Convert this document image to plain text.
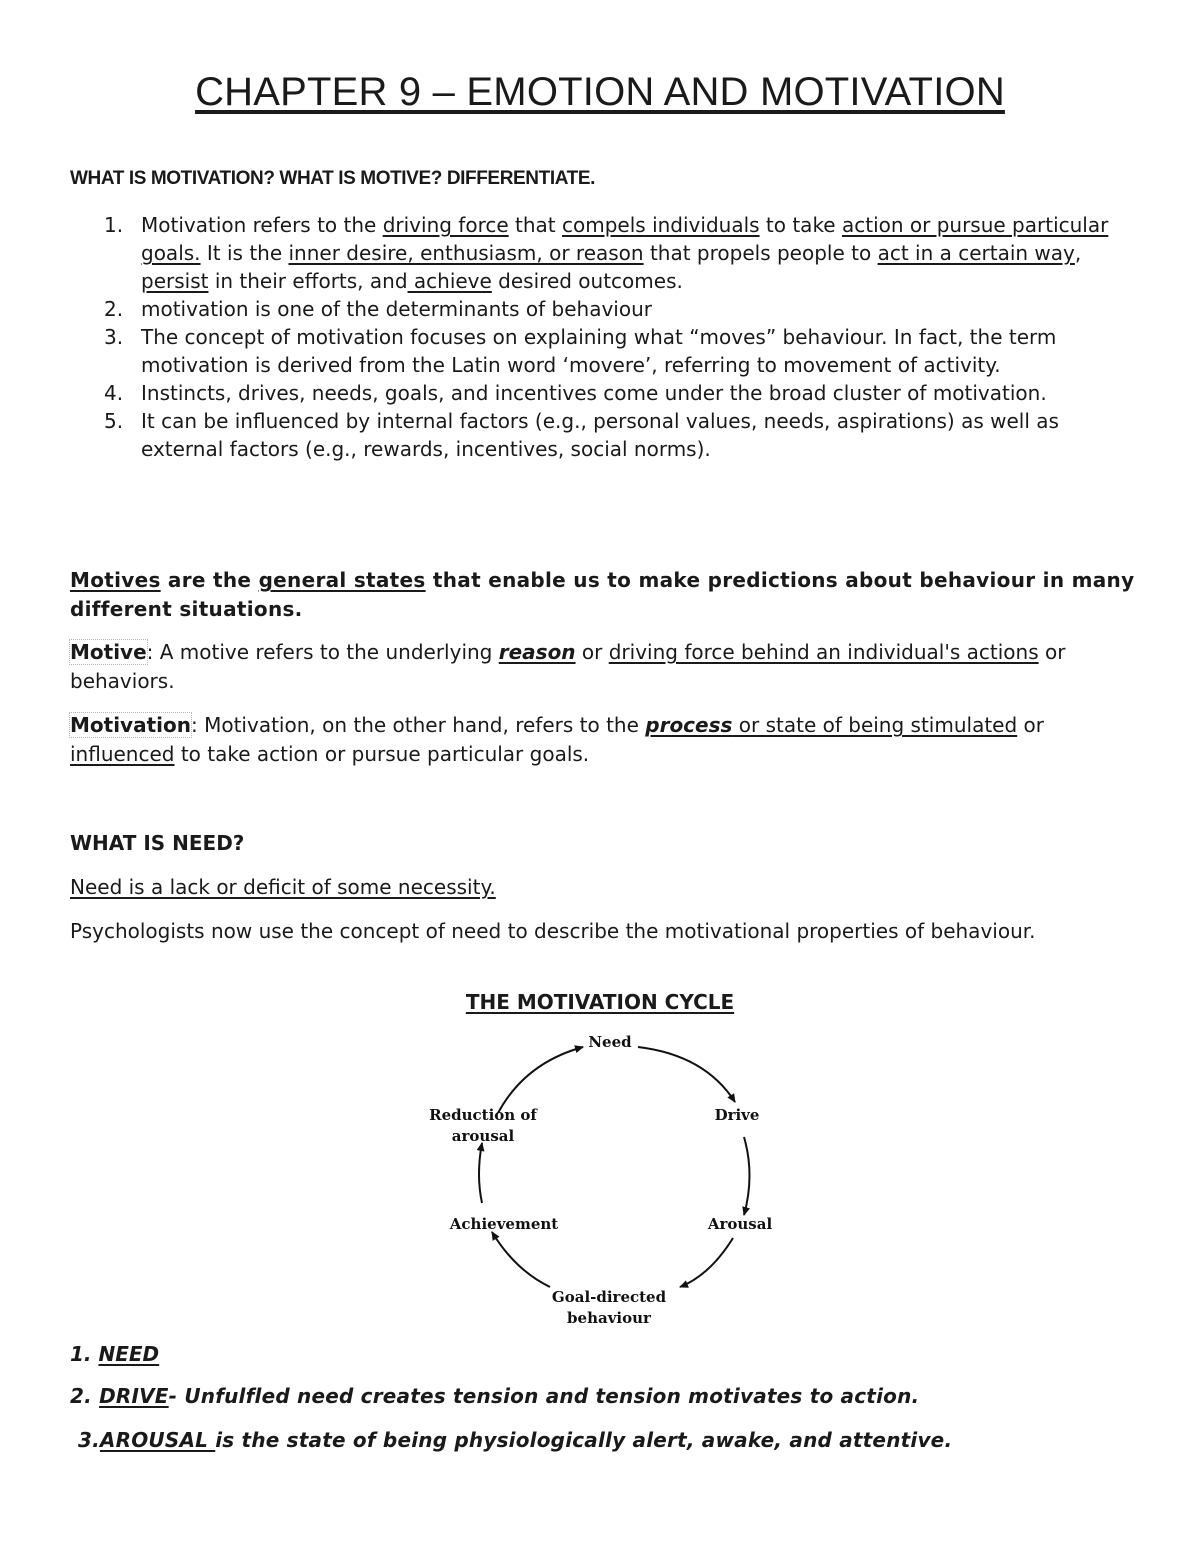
CHAPTER 9 – EMOTION AND MOTIVATION
WHAT IS MOTIVATION? WHAT IS MOTIVE? DIFFERENTIATE.
1. Motivation refers to the driving force that compels individuals to take action or pursue particular goals. It is the inner desire, enthusiasm, or reason that propels people to act in a certain way, persist in their efforts, and achieve desired outcomes.
2. motivation is one of the determinants of behaviour
3. The concept of motivation focuses on explaining what “moves” behaviour. In fact, the term motivation is derived from the Latin word ‘movere’, referring to movement of activity.
4. Instincts, drives, needs, goals, and incentives come under the broad cluster of motivation.
5. It can be influenced by internal factors (e.g., personal values, needs, aspirations) as well as external factors (e.g., rewards, incentives, social norms).
Motives are the general states that enable us to make predictions about behaviour in many different situations.
Motive: A motive refers to the underlying reason or driving force behind an individual's actions or behaviors.
Motivation: Motivation, on the other hand, refers to the process or state of being stimulated or influenced to take action or pursue particular goals.
WHAT IS NEED?
Need is a lack or deficit of some necessity.
Psychologists now use the concept of need to describe the motivational properties of behaviour.
THE MOTIVATION CYCLE
Need
Drive
Arousal
Goal-directed
behaviour
Achievement
Reduction of
arousal
1. NEED
2. DRIVE- Unfulfled need creates tension and tension motivates to action.
3.AROUSAL is the state of being physiologically alert, awake, and attentive.
